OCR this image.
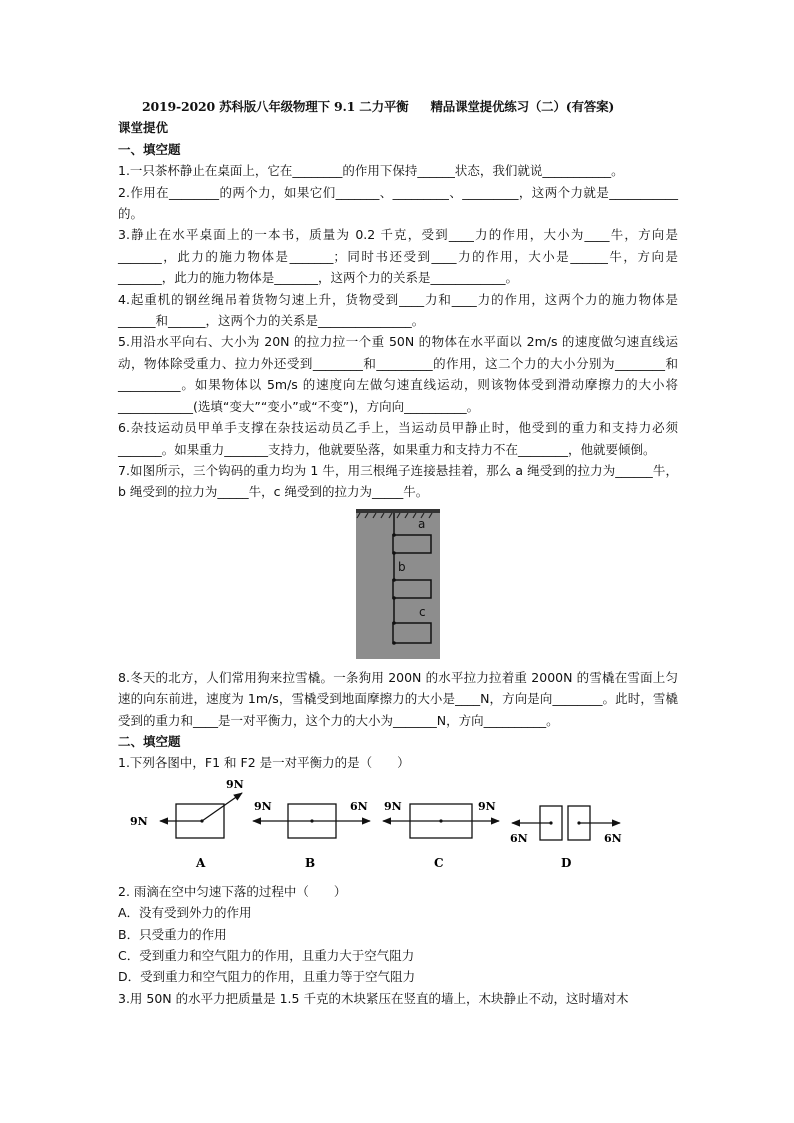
2019-2020 苏科版八年级物理下 9.1 二力平衡 精品课堂提优练习（二）(有答案)
课堂提优
一、填空题

1.一只茶杯静止在桌面上，它在________的作用下保持______状态，我们就说___________。

2.作用在________的两个力，如果它们_______、_________、_________，这两个力就是___________的。

3.静止在水平桌面上的一本书，质量为 0.2 千克，受到____力的作用，大小为____牛，方向是_______，此力的施力物体是_______；同时书还受到____力的作用，大小是______牛，方向是_______，此力的施力物体是_______，这两个力的关系是____________。

4.起重机的钢丝绳吊着货物匀速上升，货物受到____力和____力的作用，这两个力的施力物体是______和______，这两个力的关系是_______________。

5.用沿水平向右、大小为 20N 的拉力拉一个重 50N 的物体在水平面以 2m/s 的速度做匀速直线运动，物体除受重力、拉力外还受到________和_________的作用，这二个力的大小分别为________和__________。如果物体以 5m/s 的速度向左做匀速直线运动，则该物体受到滑动摩擦力的大小将 ____________(选填“变大”“变小”或“不变”)，方向向__________。

6.杂技运动员甲单手支撑在杂技运动员乙手上，当运动员甲静止时，他受到的重力和支持力必须_______。如果重力_______支持力，他就要坠落，如果重力和支持力不在________，他就要倾倒。

7.如图所示，三个钩码的重力均为 1 牛，用三根绳子连接悬挂着，那么 a 绳受到的拉力为______牛，b 绳受到的拉力为_____牛，c 绳受到的拉力为_____牛。

a
b
c

8.冬天的北方，人们常用狗来拉雪橇。一条狗用 200N 的水平拉力拉着重 2000N 的雪橇在雪面上匀速的向东前进，速度为 1m/s，雪橇受到地面摩擦力的大小是____N，方向是向________。此时，雪橇受到的重力和____是一对平衡力，这个力的大小为_______N，方向__________。

二、填空题

1.下列各图中，F1 和 F2 是一对平衡力的是（　　）

9N
9N
A
9N	6N
B
9N	9N
C
6N	6N
D

2. 雨滴在空中匀速下落的过程中（　　）

A．没有受到外力的作用

B．只受重力的作用

C．受到重力和空气阻力的作用，且重力大于空气阻力

D．受到重力和空气阻力的作用，且重力等于空气阻力

3.用 50N 的水平力把质量是 1.5 千克的木块紧压在竖直的墙上，木块静止不动，这时墙对木
